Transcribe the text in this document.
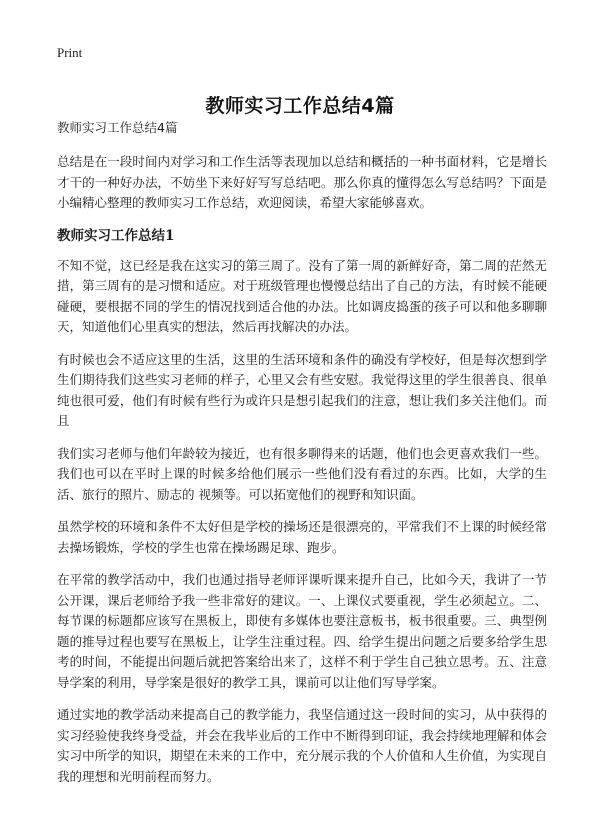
Print
教师实习工作总结4篇
教师实习工作总结4篇

总结是在一段时间内对学习和工作生活等表现加以总结和概括的一种书面材料，它是增长才干的一种好办法，不妨坐下来好好写写总结吧。那么你真的懂得怎么写总结吗？下面是小编精心整理的教师实习工作总结，欢迎阅读，希望大家能够喜欢。

教师实习工作总结1

不知不觉，这已经是我在这实习的第三周了。没有了第一周的新鲜好奇，第二周的茫然无措，第三周有的是习惯和适应。对于班级管理也慢慢总结出了自己的方法，有时候不能硬碰硬，要根据不同的学生的情况找到适合他的办法。比如调皮捣蛋的孩子可以和他多聊聊天，知道他们心里真实的想法，然后再找解决的办法。

有时候也会不适应这里的生活，这里的生活环境和条件的确没有学校好，但是每次想到学生们期待我们这些实习老师的样子，心里又会有些安慰。我觉得这里的学生很善良、很单纯也很可爱，他们有时候有些行为或许只是想引起我们的注意，想让我们多关注他们。而且

我们实习老师与他们年龄较为接近，也有很多聊得来的话题，他们也会更喜欢我们一些。我们也可以在平时上课的时候多给他们展示一些他们没有看过的东西。比如，大学的生活、旅行的照片、励志的 视频等。可以拓宽他们的视野和知识面。

虽然学校的环境和条件不太好但是学校的操场还是很漂亮的，平常我们不上课的时候经常去操场锻炼，学校的学生也常在操场踢足球、跑步。

在平常的教学活动中，我们也通过指导老师评课听课来提升自己，比如今天，我讲了一节公开课，课后老师给予我一些非常好的建议。一、上课仪式要重视，学生必须起立。二、每节课的标题都应该写在黑板上，即使有多媒体也要注意板书，板书很重要。三、典型例题的推导过程也要写在黑板上，让学生注重过程。四、给学生提出问题之后要多给学生思考的时间，不能提出问题后就把答案给出来了，这样不利于学生自己独立思考。五、注意导学案的利用，导学案是很好的教学工具，课前可以让他们写导学案。

通过实地的教学活动来提高自己的教学能力，我坚信通过这一段时间的实习，从中获得的实习经验使我终身受益，并会在我毕业后的工作中不断得到印证，我会持续地理解和体会实习中所学的知识，期望在未来的工作中，充分展示我的个人价值和人生价值，为实现自我的理想和光明前程而努力。
